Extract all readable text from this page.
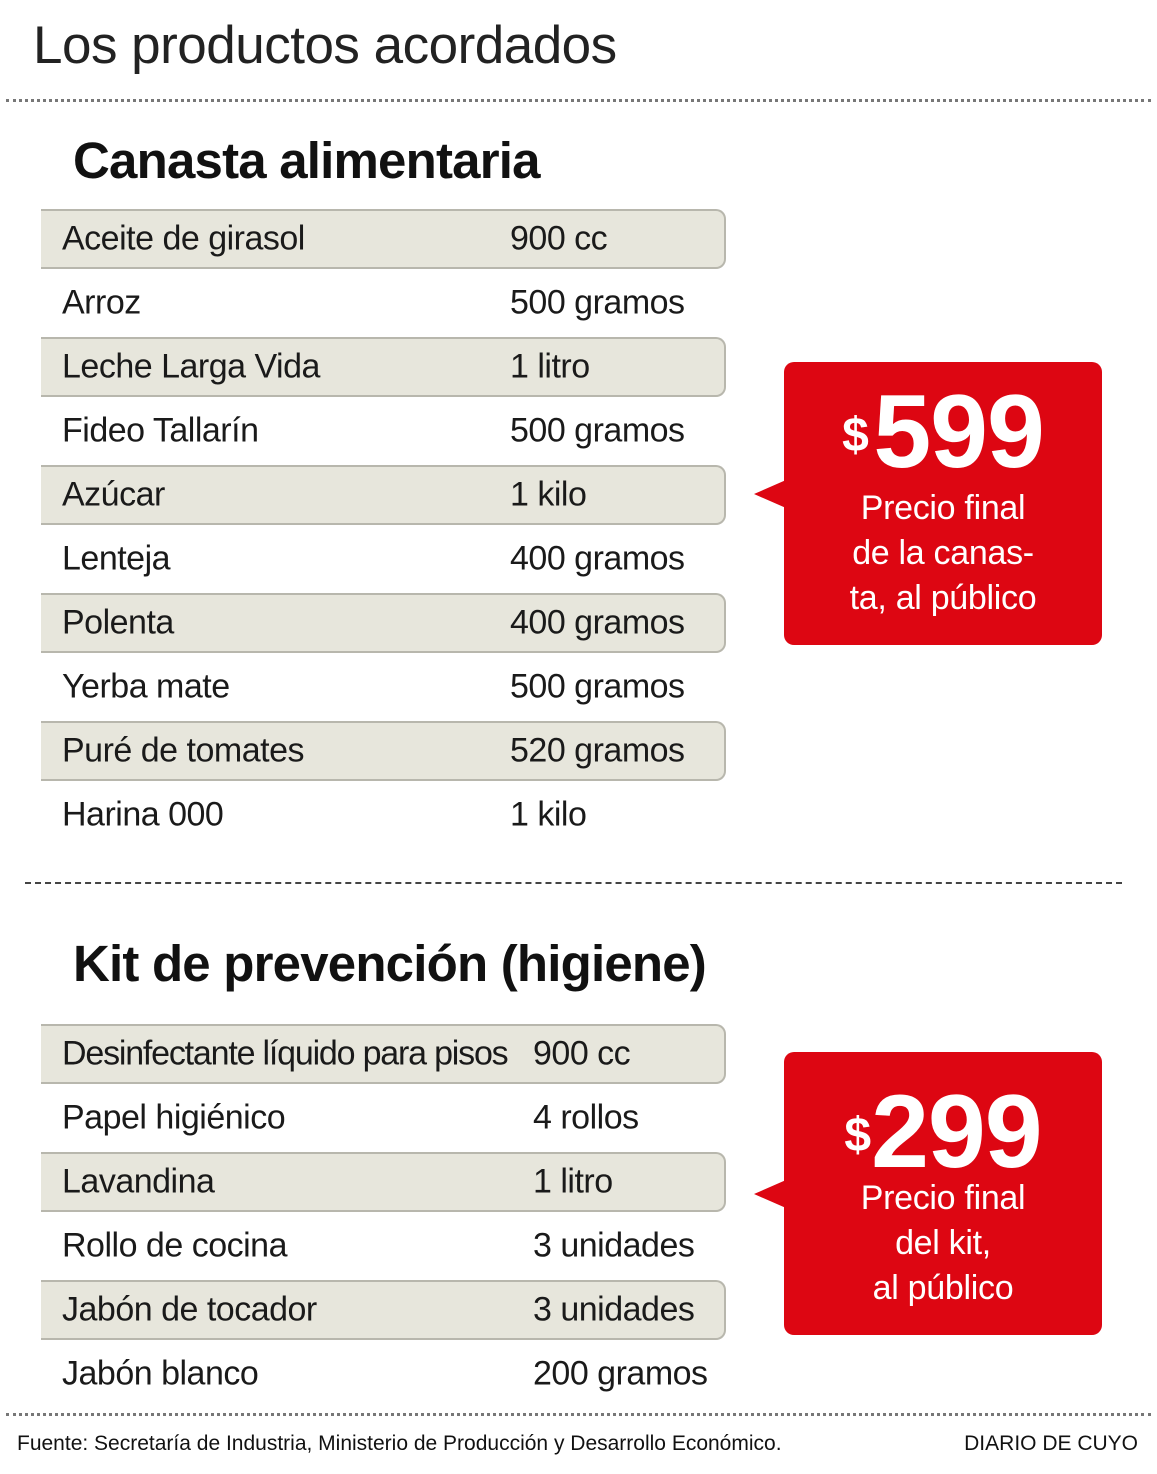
Los productos acordados
Canasta alimentaria
Aceite de girasol	900 cc
Arroz	500 gramos
Leche Larga Vida	1 litro
Fideo Tallarín	500 gramos
Azúcar	1 kilo
Lenteja	400 gramos
Polenta	400 gramos
Yerba mate	500 gramos
Puré de tomates	520 gramos
Harina 000	1 kilo
$ 599
Precio final
de la canas-
ta, al público
Kit de prevención (higiene)
Desinfectante líquido para pisos 900 cc
Papel higiénico	4 rollos
Lavandina	1 litro
Rollo de cocina	3 unidades
Jabón de tocador	3 unidades
Jabón blanco	200 gramos
$299
Precio final
del kit,
al público
Fuente: Secretaría de Industria, Ministerio de Producción y Desarrollo Económico.	DIARIO DE CUYO
